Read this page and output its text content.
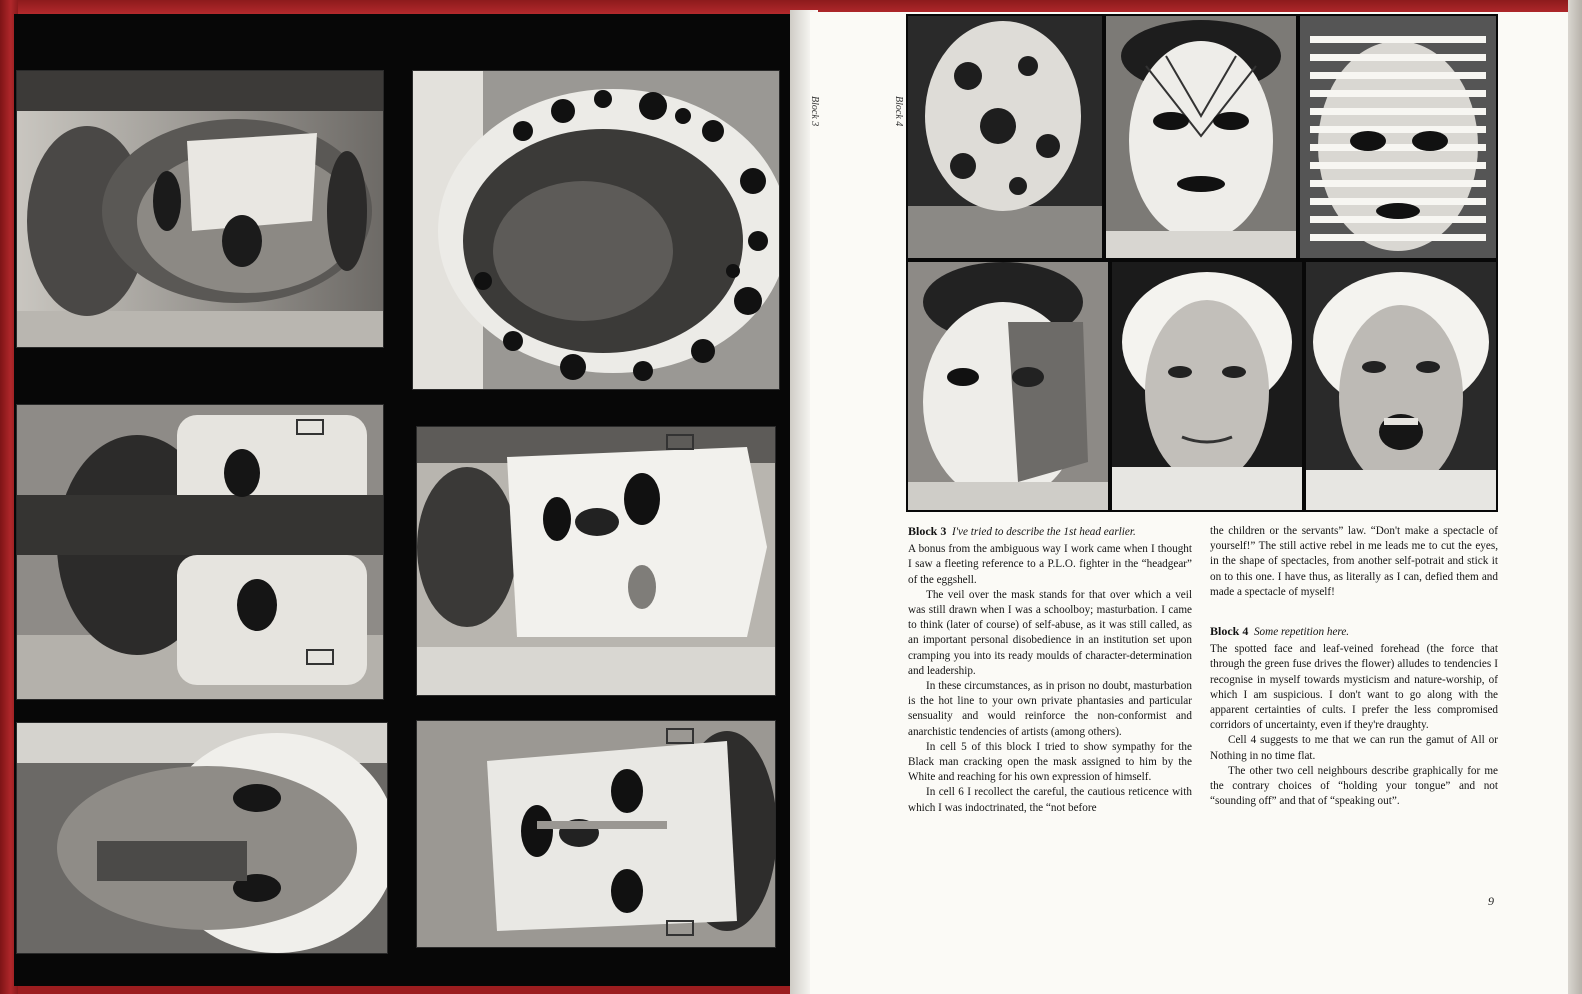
Block 3	Block 4
Block 3 I've tried to describe the 1st head earlier.

A bonus from the ambiguous way I work came when I thought I saw a fleeting reference to a P.L.O. fighter in the “headgear” of the eggshell.

The veil over the mask stands for that over which a veil was still drawn when I was a schoolboy; masturbation. I came to think (later of course) of self-abuse, as it was still called, as an important personal disobedience in an institution set upon cramping you into its ready moulds of character-determination and leadership.

In these circumstances, as in prison no doubt, masturbation is the hot line to your own private phantasies and particular sensuality and would reinforce the non-conformist and anarchistic tendencies of artists (among others).

In cell 5 of this block I tried to show sympathy for the Black man cracking open the mask assigned to him by the White and reaching for his own expression of himself.

In cell 6 I recollect the careful, the cautious reticence with which I was indoctrinated, the “not before

the children or the servants” law. “Don't make a spectacle of yourself!” The still active rebel in me leads me to cut the eyes, in the shape of spectacles, from another self-potrait and stick it on to this one. I have thus, as literally as I can, defied them and made a spectacle of myself!

Block 4 Some repetition here.

The spotted face and leaf-veined forehead (the force that through the green fuse drives the flower) alludes to tendencies I recognise in myself towards mysticism and nature-worship, of which I am suspicious. I don't want to go along with the apparent certainties of cults. I prefer the less compromised corridors of uncertainty, even if they're draughty.

Cell 4 suggests to me that we can run the gamut of All or Nothing in no time flat.

The other two cell neighbours describe graphically for me the contrary choices of “holding your tongue” and not “sounding off” and that of “speaking out”.

9
